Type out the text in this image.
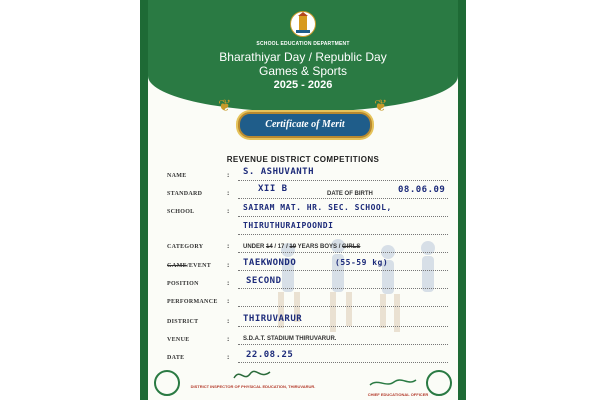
SCHOOL EDUCATION DEPARTMENT
Bharathiyar Day / Republic Day
Games & Sports
2025 - 2026
❦	❦
Certificate of Merit
REVENUE DISTRICT COMPETITIONS
NAME	: S. ASHUVANTH
STANDARD	:	XII B	DATE OF BIRTH	08.06.09
SCHOOL	: SAIRAM MAT. HR. SEC. SCHOOL,
THIRUTHURAIPOONDI
CATEGORY	: UNDER 14 / 17 / 19 YEARS BOYS / GIRLS
GAME/EVENT : TAEKWONDO	(55-59 kg)
POSITION	: SECOND
PERFORMANCE :
DISTRICT	: THIRUVARUR
VENUE	: S.D.A.T. STADIUM THIRUVARUR.
DATE	: 22.08.25
DISTRICT INSPECTOR OF PHYSICAL EDUCATION, THIRUVARUR.
CHIEF EDUCATIONAL OFFICER
